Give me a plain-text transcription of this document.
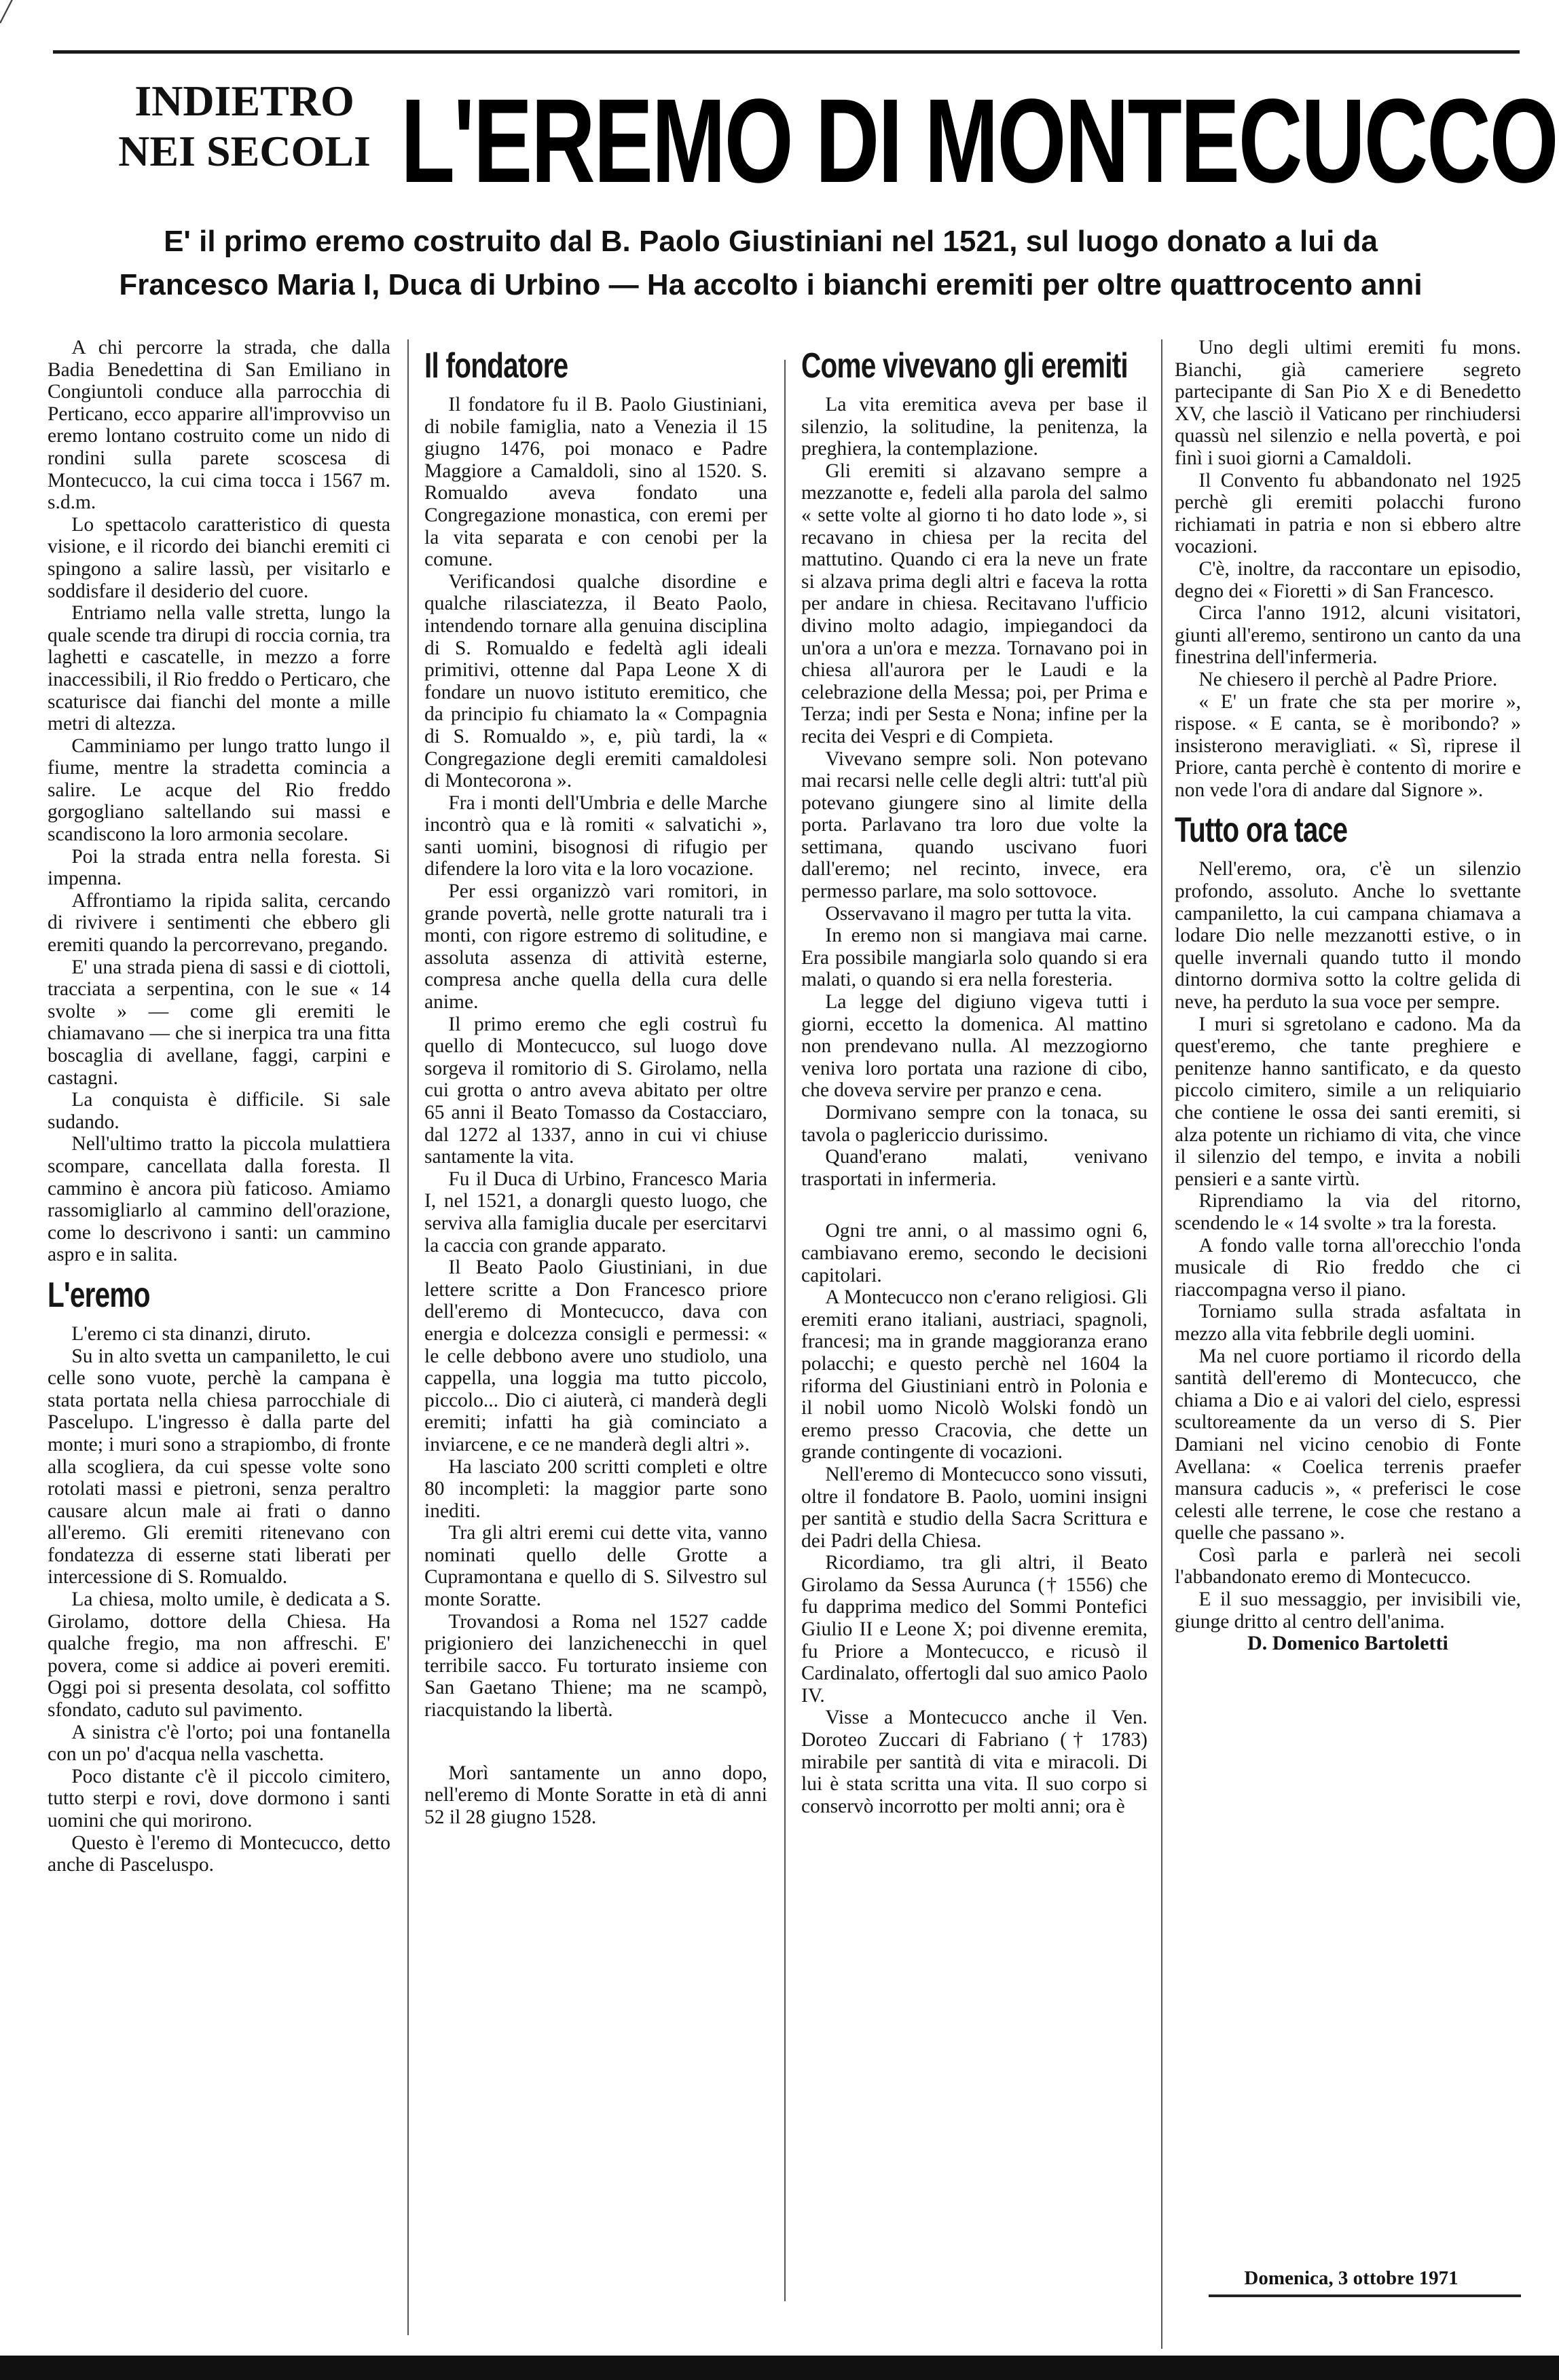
╱
INDIETRO
NEI SECOLI L'EREMO DI MONTECUCCO
E' il primo eremo costruito dal B. Paolo Giustiniani nel 1521, sul luogo donato a lui da
Francesco Maria I, Duca di Urbino — Ha accolto i bianchi eremiti per oltre quattrocento anni

A chi percorre la strada, che dalla Badia Benedettina di San Emiliano in Congiuntoli conduce alla parrocchia di Perticano, ecco apparire all'improvviso un eremo lontano costruito come un nido di rondini sulla parete scoscesa di Montecucco, la cui cima tocca i 1567 m. s.d.m.

Lo spettacolo caratteristico di questa visione, e il ricordo dei bianchi eremiti ci spingono a salire lassù, per visitarlo e soddisfare il desiderio del cuore.

Entriamo nella valle stretta, lungo la quale scende tra dirupi di roccia cornia, tra laghetti e cascatelle, in mezzo a forre inaccessibili, il Rio freddo o Perticaro, che scaturisce dai fianchi del monte a mille metri di altezza.

Camminiamo per lungo tratto lungo il fiume, mentre la stradetta comincia a salire. Le acque del Rio freddo gorgogliano saltellando sui massi e scandiscono la loro armonia secolare.

Poi la strada entra nella foresta. Si impenna.

Affrontiamo la ripida salita, cercando di rivivere i sentimenti che ebbero gli eremiti quando la percorrevano, pregando.

E' una strada piena di sassi e di ciottoli, tracciata a serpentina, con le sue « 14 svolte » — come gli eremiti le chiamavano — che si inerpica tra una fitta boscaglia di avellane, faggi, carpini e castagni.

La conquista è difficile. Si sale sudando.

Nell'ultimo tratto la piccola mulattiera scompare, cancellata dalla foresta. Il cammino è ancora più faticoso. Amiamo rassomigliarlo al cammino dell'orazione, come lo descrivono i santi: un cammino aspro e in salita.

L'eremo

L'eremo ci sta dinanzi, diruto.

Su in alto svetta un campaniletto, le cui celle sono vuote, perchè la campana è stata portata nella chiesa parrocchiale di Pascelupo. L'ingresso è dalla parte del monte; i muri sono a strapiombo, di fronte alla scogliera, da cui spesse volte sono rotolati massi e pietroni, senza peraltro causare alcun male ai frati o danno all'eremo. Gli eremiti ritenevano con fondatezza di esserne stati liberati per intercessione di S. Romualdo.

La chiesa, molto umile, è dedicata a S. Girolamo, dottore della Chiesa. Ha qualche fregio, ma non affreschi. E' povera, come si addice ai poveri eremiti. Oggi poi si presenta desolata, col soffitto sfondato, caduto sul pavimento.

A sinistra c'è l'orto; poi una fontanella con un po' d'acqua nella vaschetta.

Poco distante c'è il piccolo cimitero, tutto sterpi e rovi, dove dormono i santi uomini che qui morirono.

Questo è l'eremo di Montecucco, detto anche di Pasceluspo.

Il fondatore

Il fondatore fu il B. Paolo Giustiniani, di nobile famiglia, nato a Venezia il 15 giugno 1476, poi monaco e Padre Maggiore a Camaldoli, sino al 1520. S. Romualdo aveva fondato una Congregazione monastica, con eremi per la vita separata e con cenobi per la comune.

Verificandosi qualche disordine e qualche rilasciatezza, il Beato Paolo, intendendo tornare alla genuina disciplina di S. Romualdo e fedeltà agli ideali primitivi, ottenne dal Papa Leone X di fondare un nuovo istituto eremitico, che da principio fu chiamato la « Compagnia di S. Romualdo », e, più tardi, la « Congregazione degli eremiti camaldolesi di Montecorona ».

Fra i monti dell'Umbria e delle Marche incontrò qua e là romiti « salvatichi », santi uomini, bisognosi di rifugio per difendere la loro vita e la loro vocazione.

Per essi organizzò vari romitori, in grande povertà, nelle grotte naturali tra i monti, con rigore estremo di solitudine, e assoluta assenza di attività esterne, compresa anche quella della cura delle anime.

Il primo eremo che egli costruì fu quello di Montecucco, sul luogo dove sorgeva il romitorio di S. Girolamo, nella cui grotta o antro aveva abitato per oltre 65 anni il Beato Tomasso da Costacciaro, dal 1272 al 1337, anno in cui vi chiuse santamente la vita.

Fu il Duca di Urbino, Francesco Maria I, nel 1521, a donargli questo luogo, che serviva alla famiglia ducale per esercitarvi la caccia con grande apparato.

Il Beato Paolo Giustiniani, in due lettere scritte a Don Francesco priore dell'eremo di Montecucco, dava con energia e dolcezza consigli e permessi: « le celle debbono avere uno studiolo, una cappella, una loggia ma tutto piccolo, piccolo... Dio ci aiuterà, ci manderà degli eremiti; infatti ha già cominciato a inviarcene, e ce ne manderà degli altri ».

Ha lasciato 200 scritti completi e oltre 80 incompleti: la maggior parte sono inediti.

Tra gli altri eremi cui dette vita, vanno nominati quello delle Grotte a Cupramontana e quello di S. Silvestro sul monte Soratte.

Trovandosi a Roma nel 1527 cadde prigioniero dei lanzichenecchi in quel terribile sacco. Fu torturato insieme con San Gaetano Thiene; ma ne scampò, riacquistando la libertà.

Morì santamente un anno dopo, nell'eremo di Monte Soratte in età di anni 52 il 28 giugno 1528.

Come vivevano gli eremiti

La vita eremitica aveva per base il silenzio, la solitudine, la penitenza, la preghiera, la contemplazione.

Gli eremiti si alzavano sempre a mezzanotte e, fedeli alla parola del salmo « sette volte al giorno ti ho dato lode », si recavano in chiesa per la recita del mattutino. Quando ci era la neve un frate si alzava prima degli altri e faceva la rotta per andare in chiesa. Recitavano l'ufficio divino molto adagio, impiegandoci da un'ora a un'ora e mezza. Tornavano poi in chiesa all'aurora per le Laudi e la celebrazione della Messa; poi, per Prima e Terza; indi per Sesta e Nona; infine per la recita dei Vespri e di Compieta.

Vivevano sempre soli. Non potevano mai recarsi nelle celle degli altri: tutt'al più potevano giungere sino al limite della porta. Parlavano tra loro due volte la settimana, quando uscivano fuori dall'eremo; nel recinto, invece, era permesso parlare, ma solo sottovoce.

Osservavano il magro per tutta la vita.

In eremo non si mangiava mai carne. Era possibile mangiarla solo quando si era malati, o quando si era nella foresteria.

La legge del digiuno vigeva tutti i giorni, eccetto la domenica. Al mattino non prendevano nulla. Al mezzogiorno veniva loro portata una razione di cibo, che doveva servire per pranzo e cena.

Dormivano sempre con la tonaca, su tavola o paglericcio durissimo.

Quand'erano malati, venivano trasportati in infermeria.

Ogni tre anni, o al massimo ogni 6, cambiavano eremo, secondo le decisioni capitolari.

A Montecucco non c'erano religiosi. Gli eremiti erano italiani, austriaci, spagnoli, francesi; ma in grande maggioranza erano polacchi; e questo perchè nel 1604 la riforma del Giustiniani entrò in Polonia e il nobil uomo Nicolò Wolski fondò un eremo presso Cracovia, che dette un grande contingente di vocazioni.

Nell'eremo di Montecucco sono vissuti, oltre il fondatore B. Paolo, uomini insigni per santità e studio della Sacra Scrittura e dei Padri della Chiesa.

Ricordiamo, tra gli altri, il Beato Girolamo da Sessa Aurunca († 1556) che fu dapprima medico del Sommi Pontefici Giulio II e Leone X; poi divenne eremita, fu Priore a Montecucco, e ricusò il Cardinalato, offertogli dal suo amico Paolo IV.

Visse a Montecucco anche il Ven. Doroteo Zuccari di Fabriano († 1783) mirabile per santità di vita e miracoli. Di lui è stata scritta una vita. Il suo corpo si conservò incorrotto per molti anni; ora è

Uno degli ultimi eremiti fu mons. Bianchi, già cameriere segreto partecipante di San Pio X e di Benedetto XV, che lasciò il Vaticano per rinchiudersi quassù nel silenzio e nella povertà, e poi finì i suoi giorni a Camaldoli.

Il Convento fu abbandonato nel 1925 perchè gli eremiti polacchi furono richiamati in patria e non si ebbero altre vocazioni.

C'è, inoltre, da raccontare un episodio, degno dei « Fioretti » di San Francesco.

Circa l'anno 1912, alcuni visitatori, giunti all'eremo, sentirono un canto da una finestrina dell'infermeria.

Ne chiesero il perchè al Padre Priore.

« E' un frate che sta per morire », rispose. « E canta, se è moribondo? » insisterono meravigliati. « Sì, riprese il Priore, canta perchè è contento di morire e non vede l'ora di andare dal Signore ».

Tutto ora tace

Nell'eremo, ora, c'è un silenzio profondo, assoluto. Anche lo svettante campaniletto, la cui campana chiamava a lodare Dio nelle mezzanotti estive, o in quelle invernali quando tutto il mondo dintorno dormiva sotto la coltre gelida di neve, ha perduto la sua voce per sempre.

I muri si sgretolano e cadono. Ma da quest'eremo, che tante preghiere e penitenze hanno santificato, e da questo piccolo cimitero, simile a un reliquiario che contiene le ossa dei santi eremiti, si alza potente un richiamo di vita, che vince il silenzio del tempo, e invita a nobili pensieri e a sante virtù.

Riprendiamo la via del ritorno, scendendo le « 14 svolte » tra la foresta.

A fondo valle torna all'orecchio l'onda musicale di Rio freddo che ci riaccompagna verso il piano.

Torniamo sulla strada asfaltata in mezzo alla vita febbrile degli uomini.

Ma nel cuore portiamo il ricordo della santità dell'eremo di Montecucco, che chiama a Dio e ai valori del cielo, espressi scultoreamente da un verso di S. Pier Damiani nel vicino cenobio di Fonte Avellana: « Coelica terrenis praefer mansura caducis », « preferisci le cose celesti alle terrene, le cose che restano a quelle che passano ».

Così parla e parlerà nei secoli l'abbandonato eremo di Montecucco.

E il suo messaggio, per invisibili vie, giunge dritto al centro dell'anima.

D. Domenico Bartoletti

Domenica, 3 ottobre 1971
